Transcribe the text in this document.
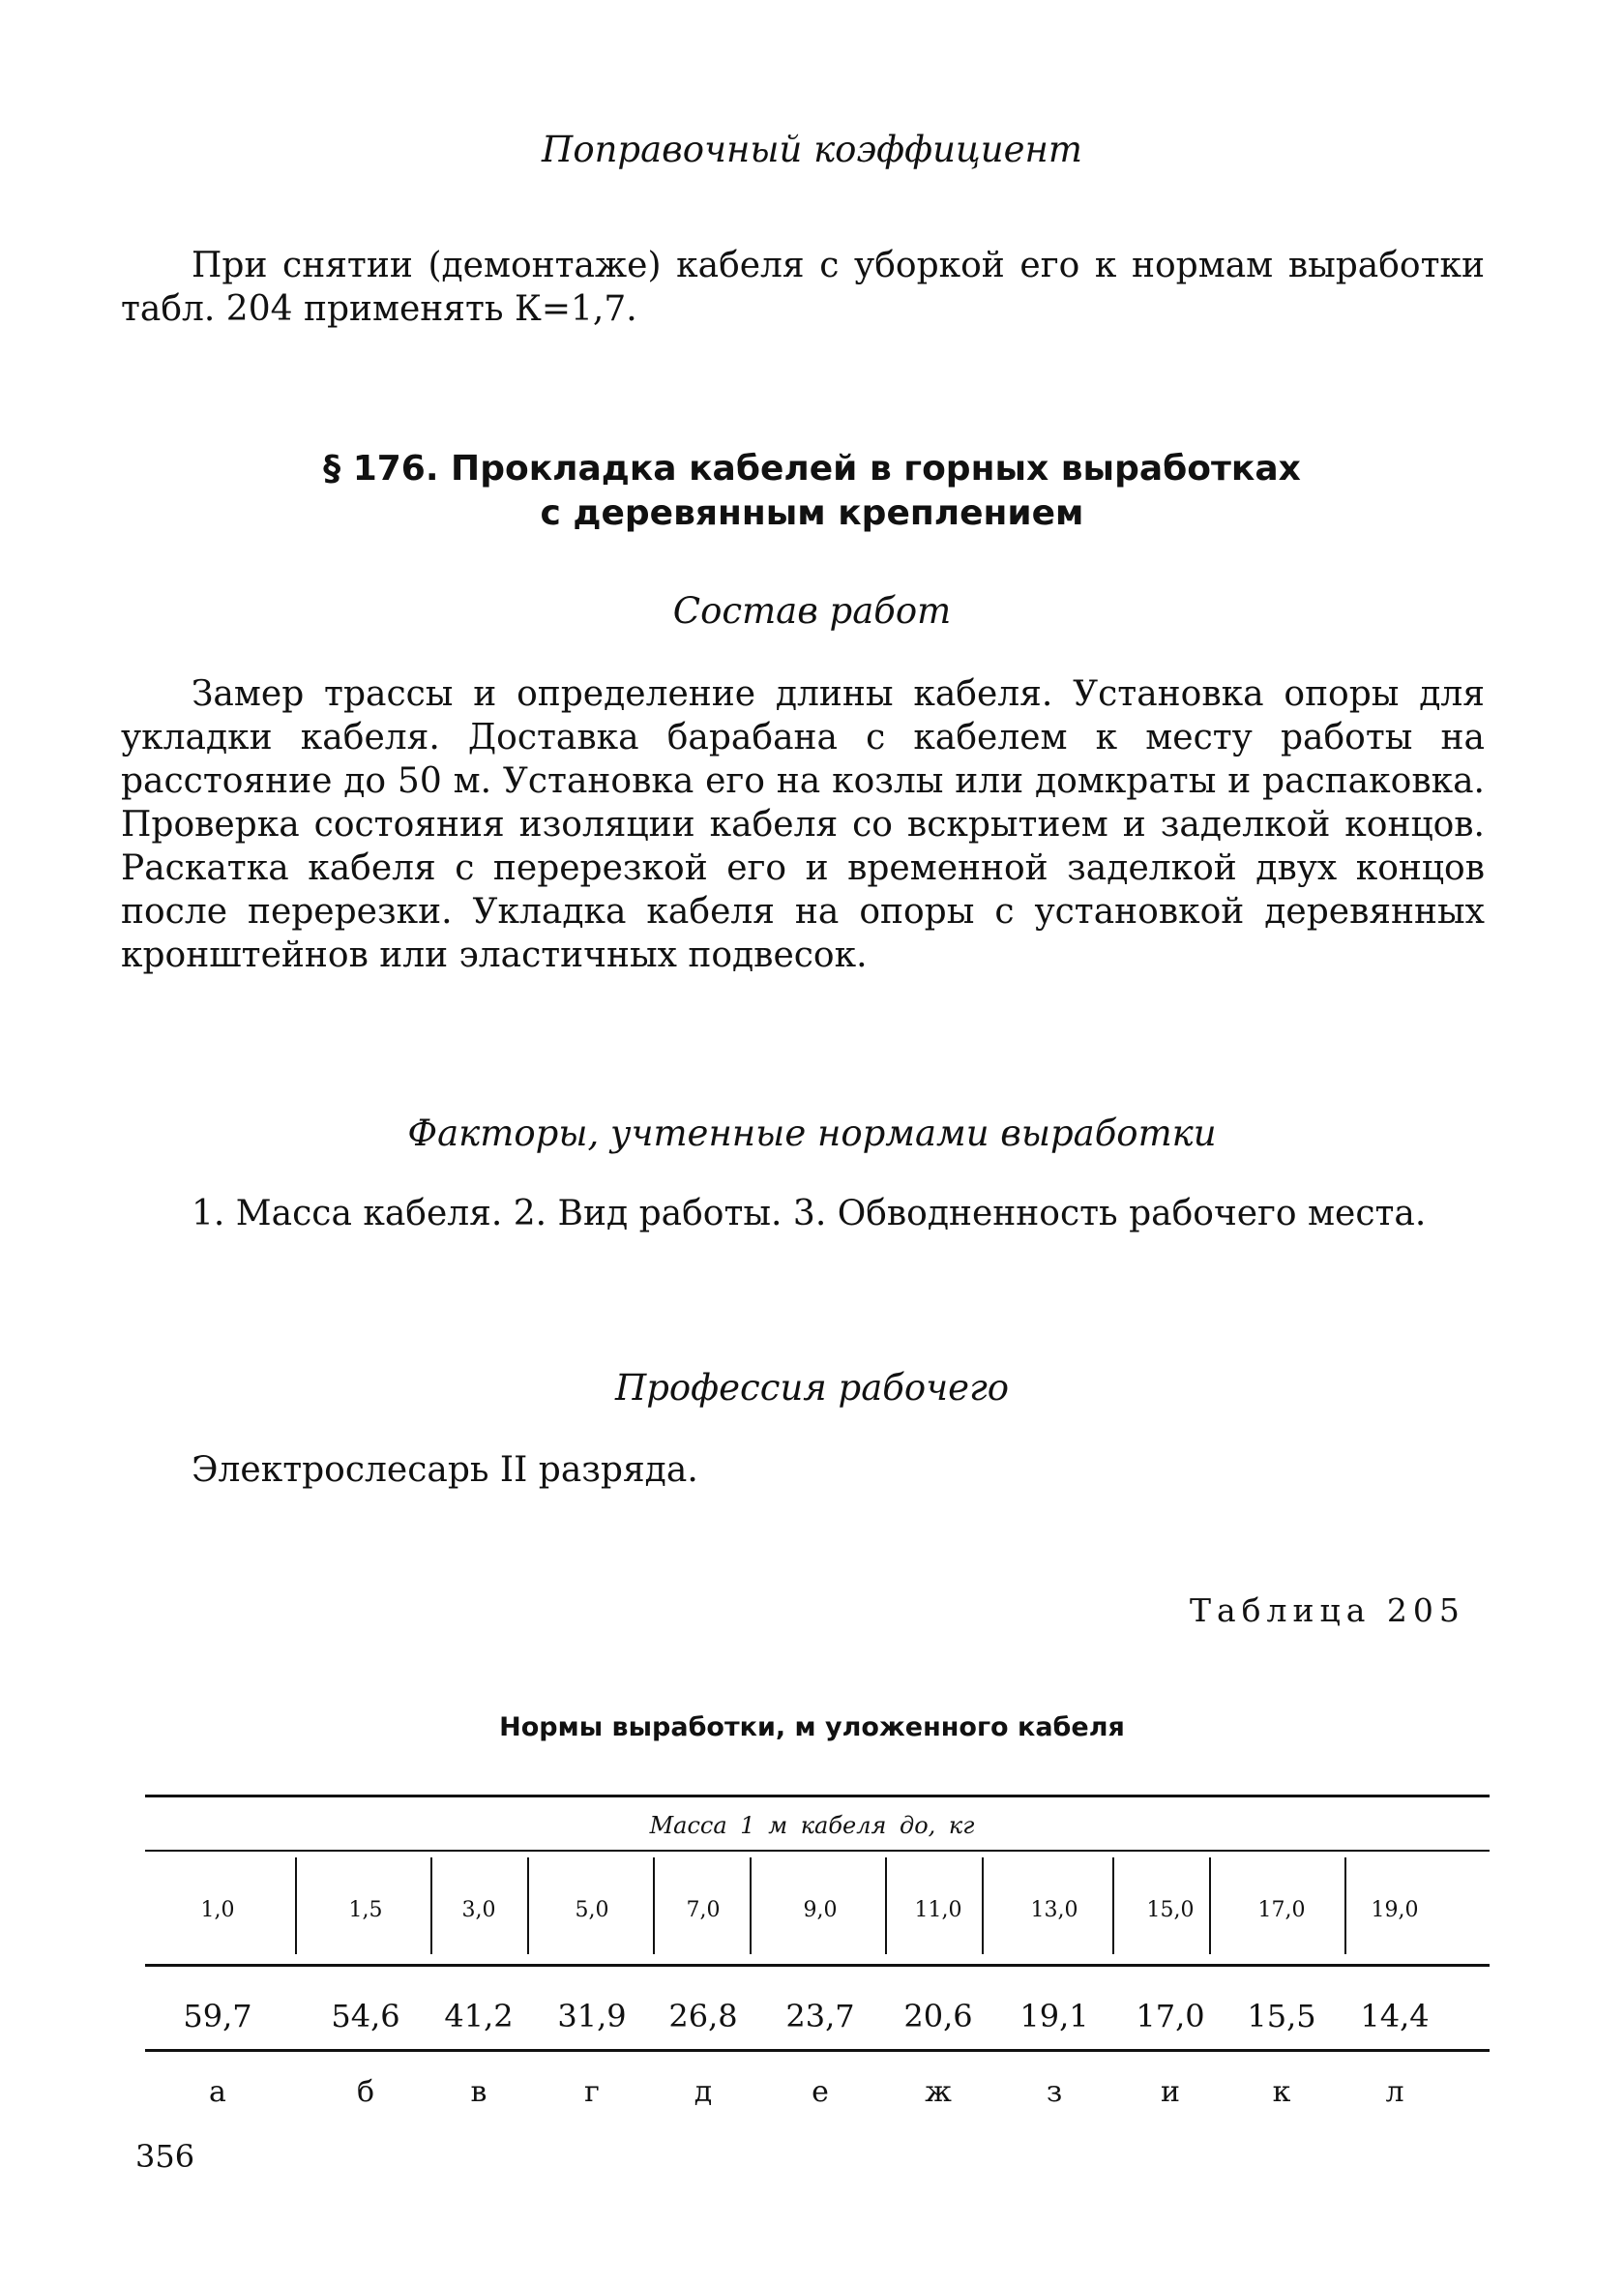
Поправочный коэффициент

При снятии (демонтаже) кабеля с уборкой его к нормам выработки табл. 204 применять К=1,7.

§ 176. Прокладка кабелей в горных выработках
с деревянным креплением
Состав работ

Замер трассы и определение длины кабеля. Установка опоры для укладки кабеля. Доставка барабана с кабелем к месту работы на расстояние до 50 м. Установка его на козлы или домкраты и распаковка. Проверка состояния изоляции кабеля со вскрытием и заделкой концов. Раскатка кабеля с перерезкой его и временной заделкой двух концов после перерезки. Укладка кабеля на опоры с установкой деревянных кронштейнов или эластичных подвесок.

Факторы, учтенные нормами выработки

1. Масса кабеля. 2. Вид работы. 3. Обводненность рабочего места.

Профессия рабочего

Электрослесарь II разряда.

Таблица 205
Нормы выработки, м уложенного кабеля
Масса 1 м кабеля до, кг
1,0	1,5	3,0	5,0	7,0	9,0	11,0	13,0	15,0	17,0	19,0
59,7	54,6	41,2	31,9	26,8	23,7	20,6	19,1	17,0	15,5	14,4
а	б	в	г	д	е	ж	з	и	к	л
356
